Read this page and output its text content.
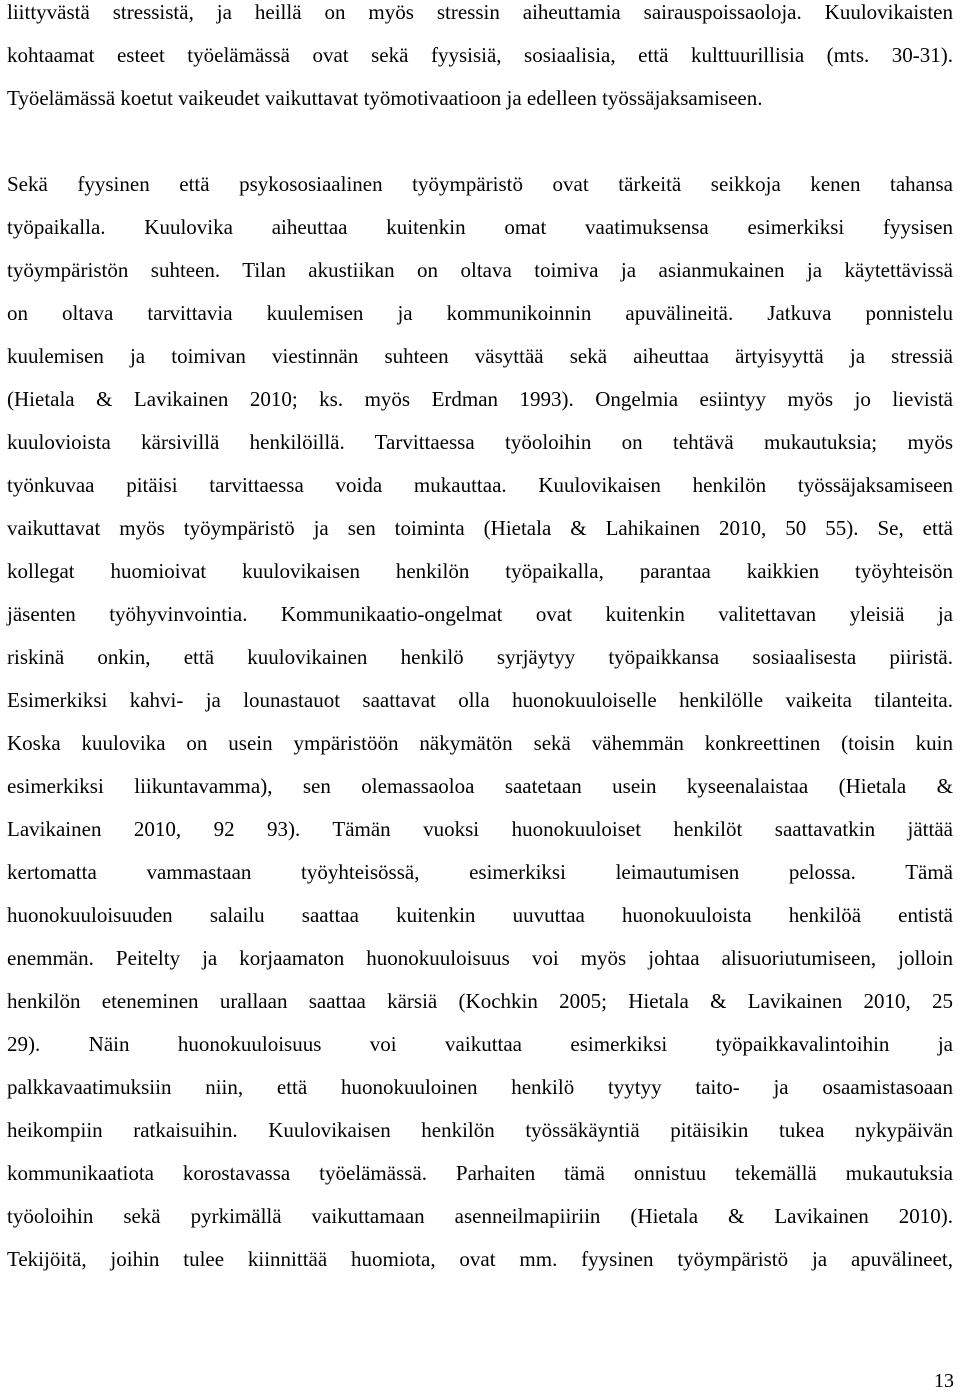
liittyvästä stressistä, ja heillä on myös stressin aiheuttamia sairauspoissaoloja. Kuulovikaisten
kohtaamat esteet työelämässä ovat sekä fyysisiä, sosiaalisia, että kulttuurillisia (mts. 30-31).
Työelämässä koetut vaikeudet vaikuttavat työmotivaatioon ja edelleen työssäjaksamiseen.
Sekä fyysinen että psykososiaalinen työympäristö ovat tärkeitä seikkoja kenen tahansa
työpaikalla. Kuulovika aiheuttaa kuitenkin omat vaatimuksensa esimerkiksi fyysisen
työympäristön suhteen. Tilan akustiikan on oltava toimiva ja asianmukainen ja käytettävissä
on oltava tarvittavia kuulemisen ja kommunikoinnin apuvälineitä. Jatkuva ponnistelu
kuulemisen ja toimivan viestinnän suhteen väsyttää sekä aiheuttaa ärtyisyyttä ja stressiä
(Hietala & Lavikainen 2010; ks. myös Erdman 1993). Ongelmia esiintyy myös jo lievistä
kuulovioista kärsivillä henkilöillä. Tarvittaessa työoloihin on tehtävä mukautuksia; myös
työnkuvaa pitäisi tarvittaessa voida mukauttaa. Kuulovikaisen henkilön työssäjaksamiseen
vaikuttavat myös työympäristö ja sen toiminta (Hietala & Lahikainen 2010, 50 55). Se, että
kollegat huomioivat kuulovikaisen henkilön työpaikalla, parantaa kaikkien työyhteisön
jäsenten työhyvinvointia. Kommunikaatio-ongelmat ovat kuitenkin valitettavan yleisiä ja
riskinä onkin, että kuulovikainen henkilö syrjäytyy työpaikkansa sosiaalisesta piiristä.
Esimerkiksi kahvi- ja lounastauot saattavat olla huonokuuloiselle henkilölle vaikeita tilanteita.
Koska kuulovika on usein ympäristöön näkymätön sekä vähemmän konkreettinen (toisin kuin
esimerkiksi liikuntavamma), sen olemassaoloa saatetaan usein kyseenalaistaa (Hietala &
Lavikainen 2010, 92 93). Tämän vuoksi huonokuuloiset henkilöt saattavatkin jättää
kertomatta vammastaan työyhteisössä, esimerkiksi leimautumisen pelossa. Tämä
huonokuuloisuuden salailu saattaa kuitenkin uuvuttaa huonokuuloista henkilöä entistä
enemmän. Peitelty ja korjaamaton huonokuuloisuus voi myös johtaa alisuoriutumiseen, jolloin
henkilön eteneminen urallaan saattaa kärsiä (Kochkin 2005; Hietala & Lavikainen 2010, 25
29). Näin huonokuuloisuus voi vaikuttaa esimerkiksi työpaikkavalintoihin ja
palkkavaatimuksiin niin, että huonokuuloinen henkilö tyytyy taito- ja osaamistasoaan
heikompiin ratkaisuihin. Kuulovikaisen henkilön työssäkäyntiä pitäisikin tukea nykypäivän
kommunikaatiota korostavassa työelämässä. Parhaiten tämä onnistuu tekemällä mukautuksia
työoloihin sekä pyrkimällä vaikuttamaan asenneilmapiiriin (Hietala & Lavikainen 2010).
Tekijöitä, joihin tulee kiinnittää huomiota, ovat mm. fyysinen työympäristö ja apuvälineet,
13
